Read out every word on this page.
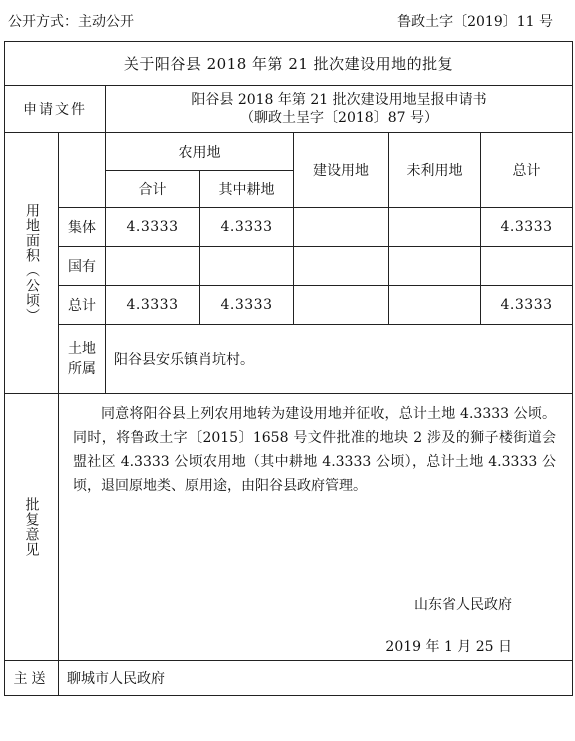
公开方式：主动公开	鲁政土字〔2019〕11 号
关于阳谷县 2018 年第 21 批次建设用地的批复						
申请文件		阳谷县 2018 年第 21 批次建设用地呈报申请书
（聊政土呈字〔2018〕87 号）				

用地面积（公顷）		农用地		建设用地	未利用地	总计
		合计	其中耕地			
	集体	4.3333	4.3333			4.3333
	国有					
	总计	4.3333	4.3333			4.3333

	土地
所属	阳谷县安乐镇肖坑村。				

批复意见	同意将阳谷县上列农用地转为建设用地并征收，总计土地 4.3333 公顷。同时，将鲁政土字〔2015〕1658 号文件批准的地块 2 涉及的狮子楼街道会盟社区 4.3333 公顷农用地（其中耕地 4.3333 公顷），总计土地 4.3333 公顷，退回原地类、原用途，由阳谷县政府管理。

山东省人民政府
2019 年 1 月 25 日					

主送	聊城市人民政府					
